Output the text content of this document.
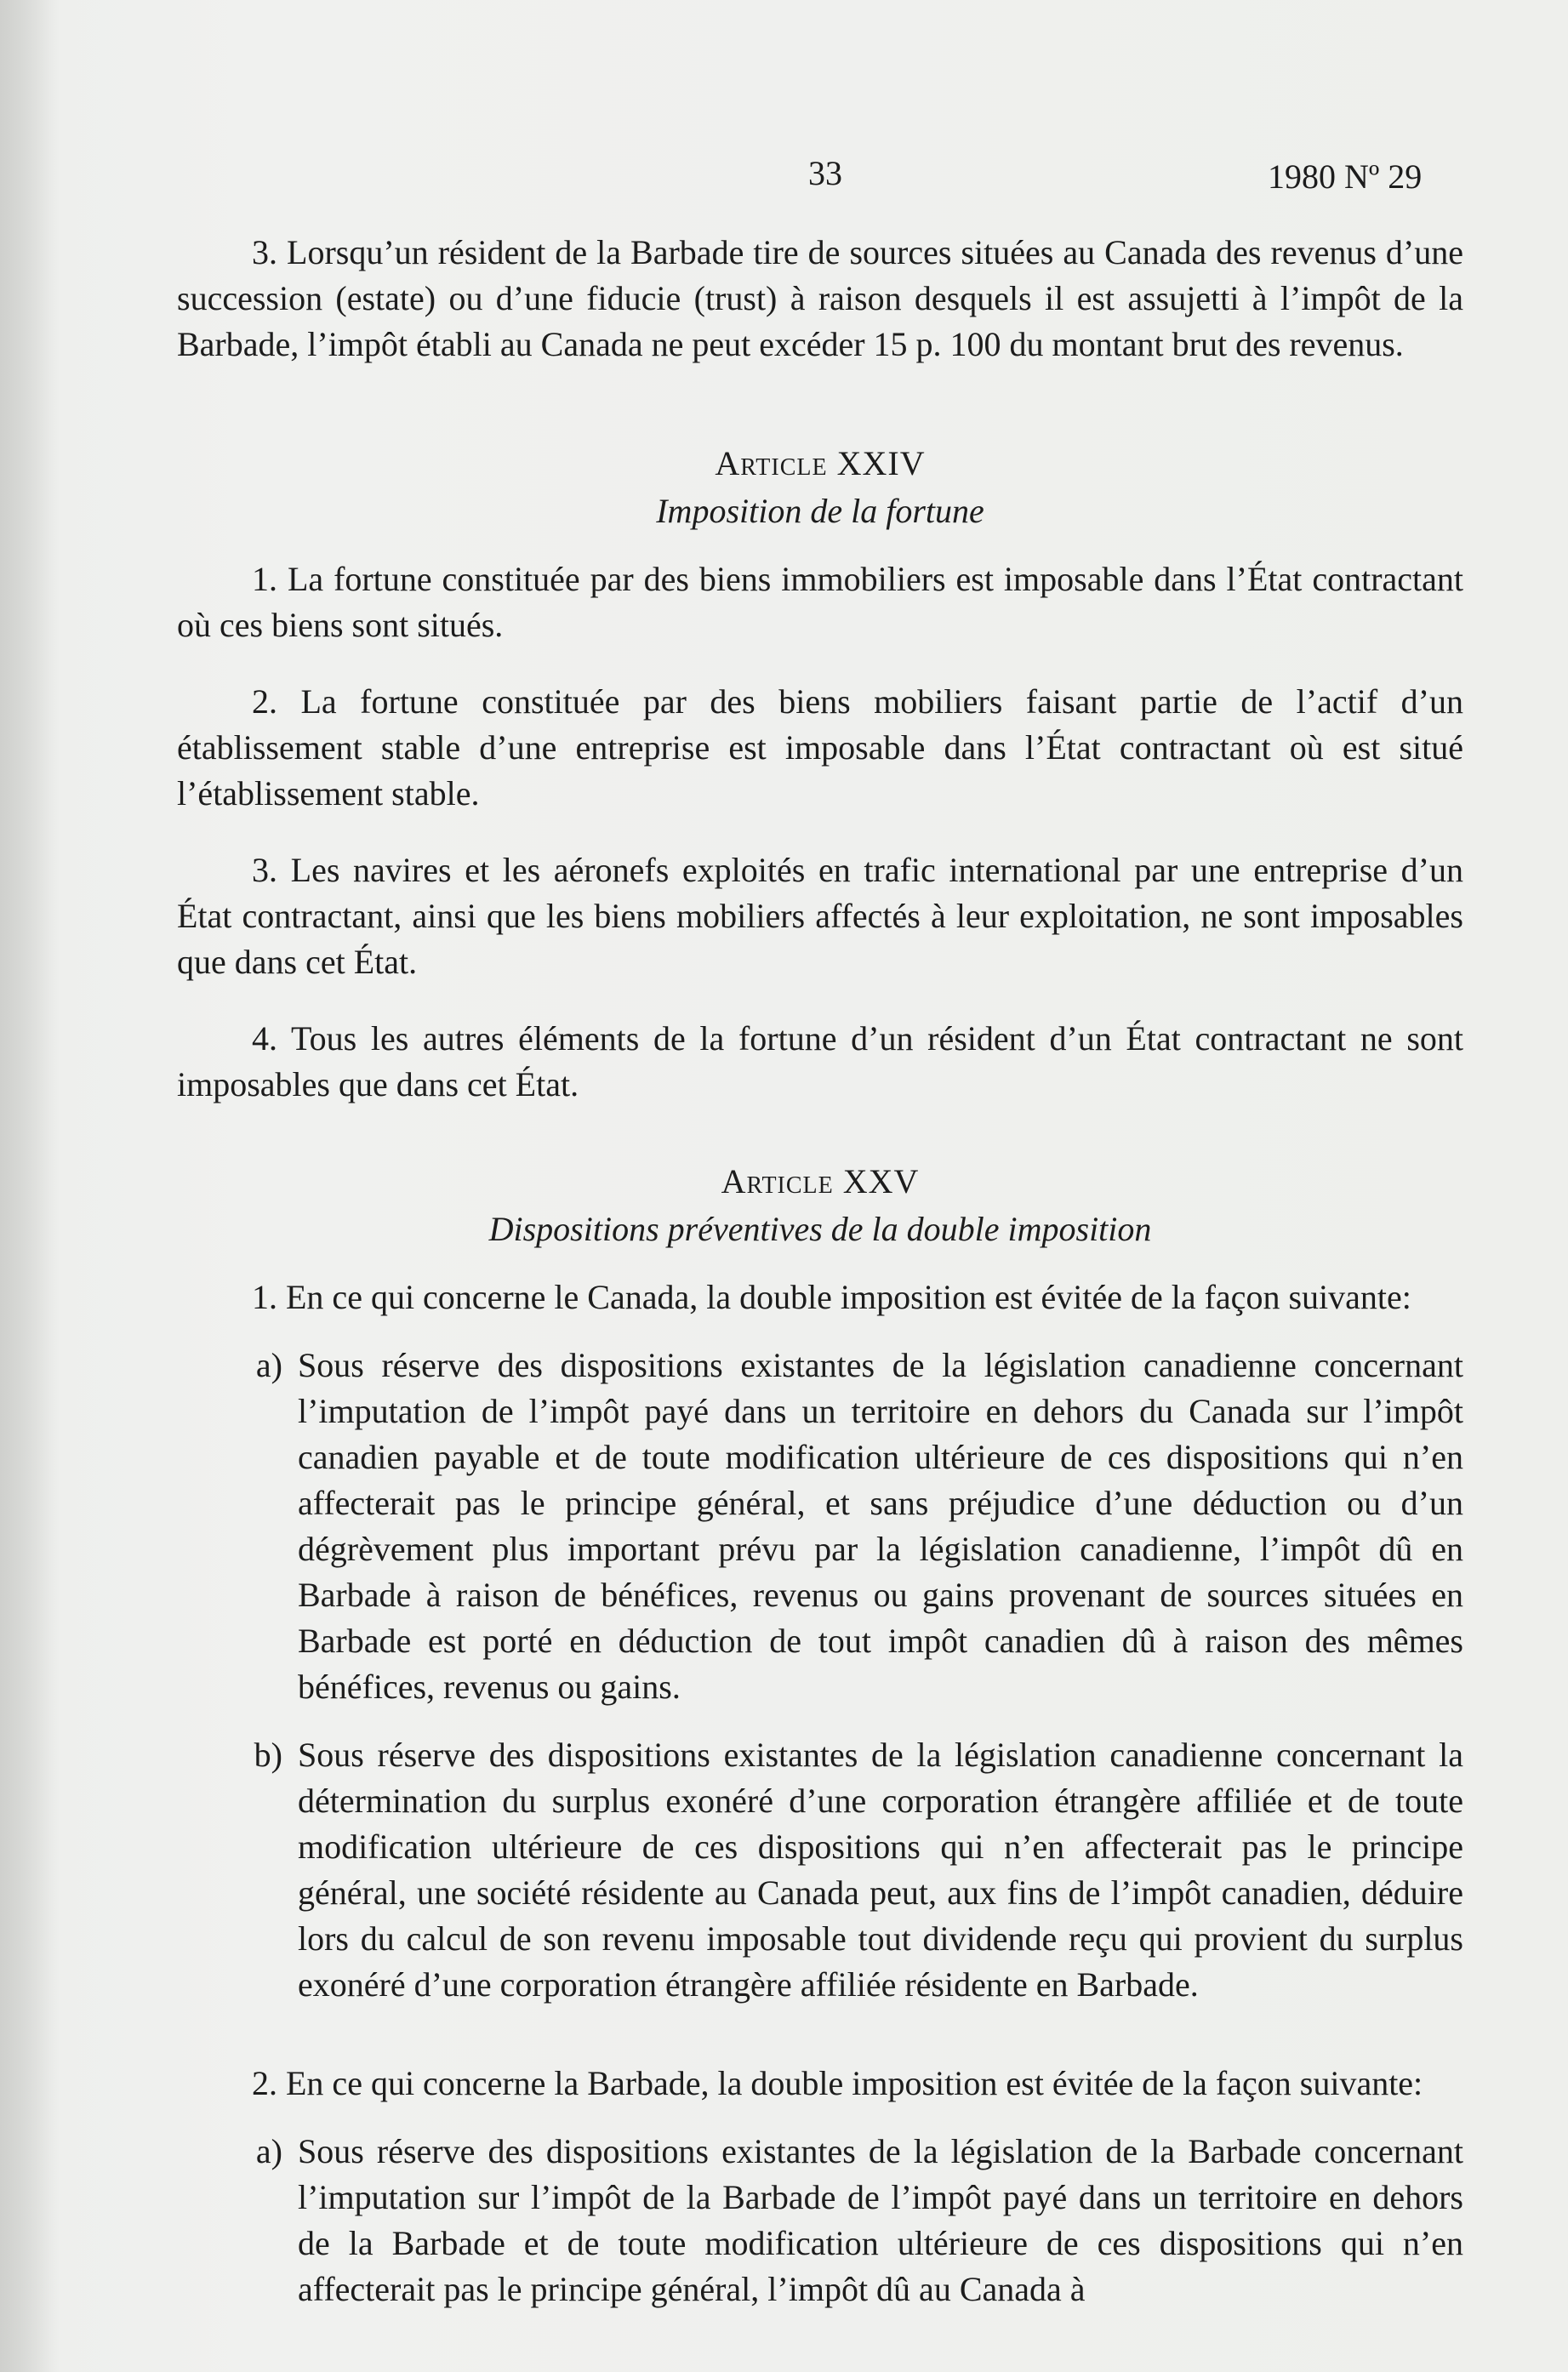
33	1980 Nº 29

3. Lorsqu’un résident de la Barbade tire de sources situées au Canada des revenus d’une succession (estate) ou d’une fiducie (trust) à raison desquels il est assujetti à l’impôt de la Barbade, l’impôt établi au Canada ne peut excéder 15 p. 100 du montant brut des revenus.

Article XXIV
Imposition de la fortune

1. La fortune constituée par des biens immobiliers est imposable dans l’État contractant où ces biens sont situés.

2. La fortune constituée par des biens mobiliers faisant partie de l’actif d’un établissement stable d’une entreprise est imposable dans l’État contractant où est situé l’établissement stable.

3. Les navires et les aéronefs exploités en trafic international par une entreprise d’un État contractant, ainsi que les biens mobiliers affectés à leur exploitation, ne sont imposables que dans cet État.

4. Tous les autres éléments de la fortune d’un résident d’un État contractant ne sont imposables que dans cet État.

Article XXV
Dispositions préventives de la double imposition

1. En ce qui concerne le Canada, la double imposition est évitée de la façon suivante:

a) Sous réserve des dispositions existantes de la législation canadienne concernant l’imputation de l’impôt payé dans un territoire en dehors du Canada sur l’impôt canadien payable et de toute modification ultérieure de ces dispositions qui n’en affecterait pas le principe général, et sans préjudice d’une déduction ou d’un dégrèvement plus important prévu par la législation canadienne, l’impôt dû en Barbade à raison de bénéfices, revenus ou gains provenant de sources situées en Barbade est porté en déduction de tout impôt canadien dû à raison des mêmes bénéfices, revenus ou gains.
b) Sous réserve des dispositions existantes de la législation canadienne concernant la détermination du surplus exonéré d’une corporation étrangère affiliée et de toute modification ultérieure de ces dispositions qui n’en affecterait pas le principe général, une société résidente au Canada peut, aux fins de l’impôt canadien, déduire lors du calcul de son revenu imposable tout dividende reçu qui provient du surplus exonéré d’une corporation étrangère affiliée résidente en Barbade.

2. En ce qui concerne la Barbade, la double imposition est évitée de la façon suivante:

a) Sous réserve des dispositions existantes de la législation de la Barbade concernant l’imputation sur l’impôt de la Barbade de l’impôt payé dans un territoire en dehors de la Barbade et de toute modification ultérieure de ces dispositions qui n’en affecterait pas le principe général, l’impôt dû au Canada à
